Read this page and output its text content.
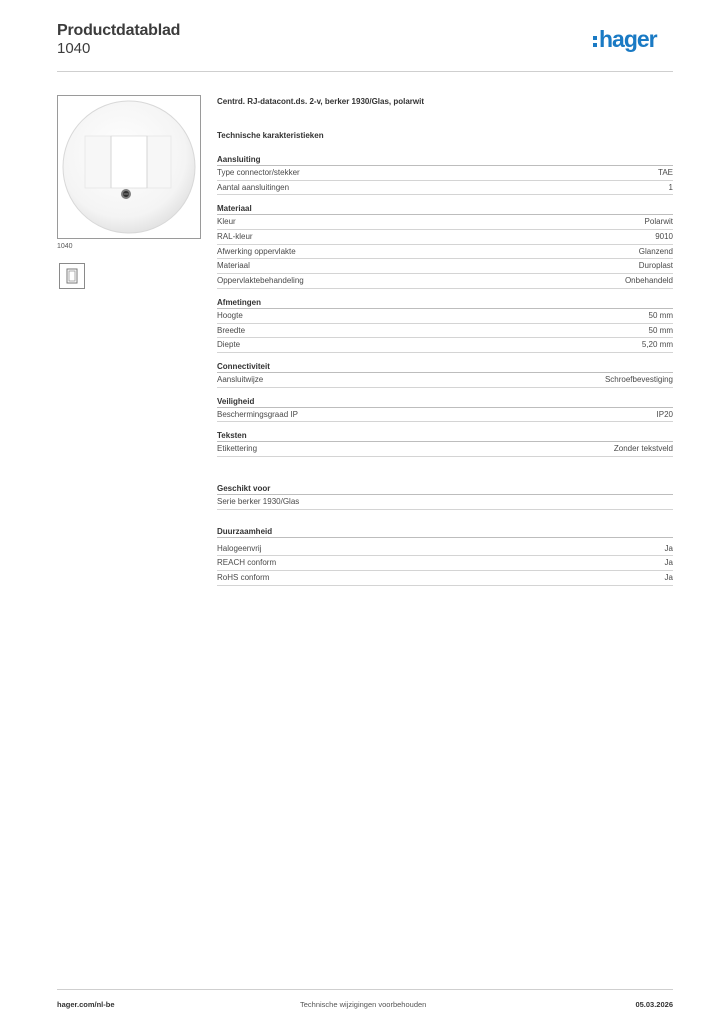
Productdatablad
1040	hager
1040
Centrd. RJ-datacont.ds. 2-v, berker 1930/Glas, polarwit
Technische karakteristieken
Aansluiting
Type connector/stekker	TAE
Aantal aansluitingen	1
Materiaal
Kleur	Polarwit
RAL-kleur	9010
Afwerking oppervlakte	Glanzend
Materiaal	Duroplast
Oppervlaktebehandeling	Onbehandeld
Afmetingen
Hoogte	50 mm
Breedte	50 mm
Diepte	5,20 mm
Connectiviteit
Aansluitwijze	Schroefbevestiging
Veiligheid
Beschermingsgraad IP	IP20
Teksten
Etikettering	Zonder tekstveld
Geschikt voor
Serie berker 1930/Glas
Duurzaamheid
Halogeenvrij	Ja
REACH conform	Ja
RoHS conform	Ja
hager.com/nl-be	Technische wijzigingen voorbehouden	05.03.2026
